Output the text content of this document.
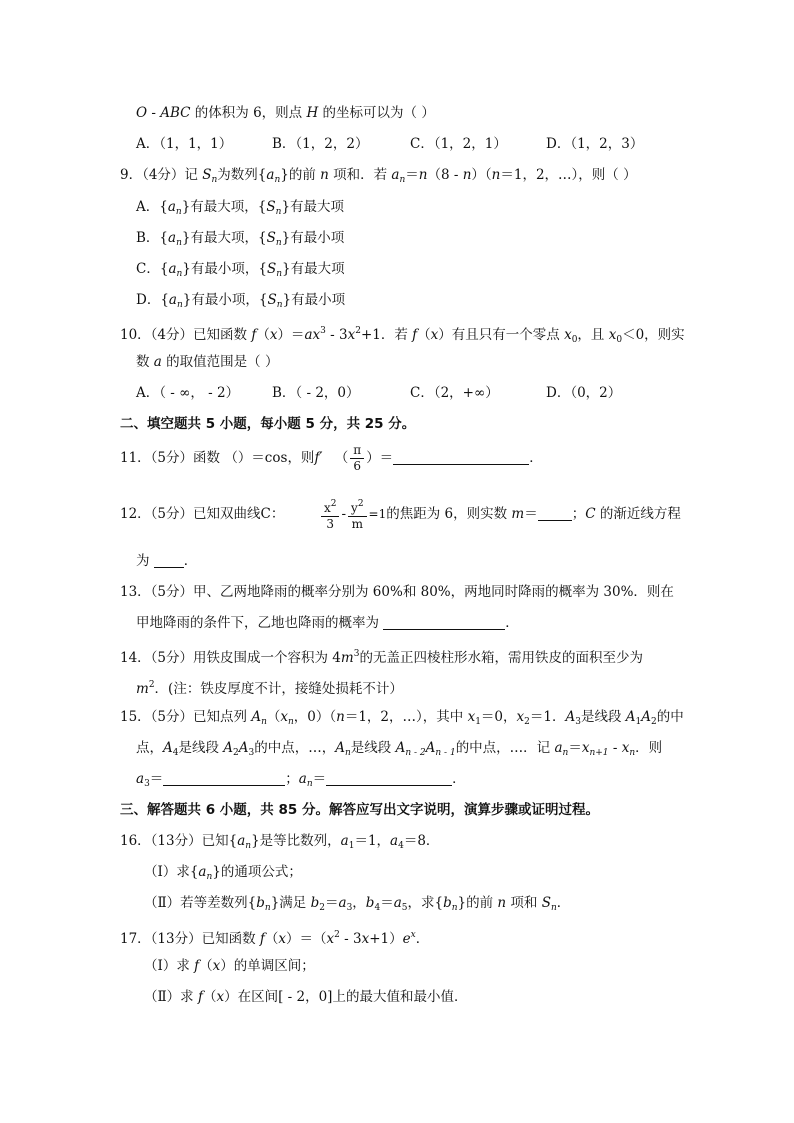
O - ABC 的体积为 6，则点 H 的坐标可以为（ ）
A．（1，1，1）	B．（1，2，2）	C．（1，2，1）	D．（1，2，3）
9．（4分）记 $S_n$为数列$\{a_n\}$的前 n 项和．若 $a_n=n(8 - n)(n=1$，2，…），则（ ）
A．$\{a_n\}$有最大项，$\{S_n\}$有最大项
B．$\{a_n\}$有最大项，$\{S_n\}$有最小项
C．$\{a_n\}$有最小项，$\{S_n\}$有最大项
D．$\{a_n\}$有最小项，$\{S_n\}$有最小项
10．（4分）已知函数 $f(x)=ax^3 - 3x^2+1$．若 f（x）有且只有一个零点 $x_0$，且 $x_0<0$，则实
数 a 的取值范围是（ ）
A．（ - ∞， - 2） B．（ - 2，0）	C．（2，+∞）	D．（0，2）
二、填空题共 5 小题，每小题 5 分，共 25 分。
11．（5分）函数 （）＝cos，则f′ （ $\frac{\pi}{6}$ ）＝	．
12．（5分）已知双曲线C：	$\frac{x^2}{3} - \frac{y^2}{m} =1$的焦距为 6，则实数 m＝	；C 的渐近线方程
为 ．
13．（5分）甲、乙两地降雨的概率分别为 60%和 80%，两地同时降雨的概率为 30%．则在
甲地降雨的条件下，乙地也降雨的概率为	．
14．（5分）用铁皮围成一个容积为 $4m^3$的无盖正四棱柱形水箱，需用铁皮的面积至少为
$m^2$．(注：铁皮厚度不计，接缝处损耗不计）
15．（5分）已知点列 $A_n(x_n$，0）（n＝1，2，…），其中 $x_1=0$，$x_2=1$．$A_3$是线段 $A_1A_2$的中
点，$A_4$是线段 $A_2A_3$的中点，…，$A_n$是线段 $A_{n - 2}A_{n - 1}$的中点，…．记 $a_n=x_{n+1} - x_n$．则
$a_3=$	；$a_n=$	．
三、解答题共 6 小题，共 85 分。解答应写出文字说明，演算步骤或证明过程。
16．（13分）已知$\{a_n\}$是等比数列，$a_1=1$，$a_4=8$．
（Ⅰ）求$\{a_n\}$的通项公式；
（Ⅱ）若等差数列$\{b_n\}$满足 $b_2=a_3$，$b_4=a_5$，求$\{b_n\}$的前 n 项和 $S_n$．
17．（13分）已知函数 $f(x)=(x^2 - 3x+1)e^x$．
（Ⅰ）求 f（x）的单调区间；
（Ⅱ）求 f（x）在区间[ - 2，0]上的最大值和最小值．
